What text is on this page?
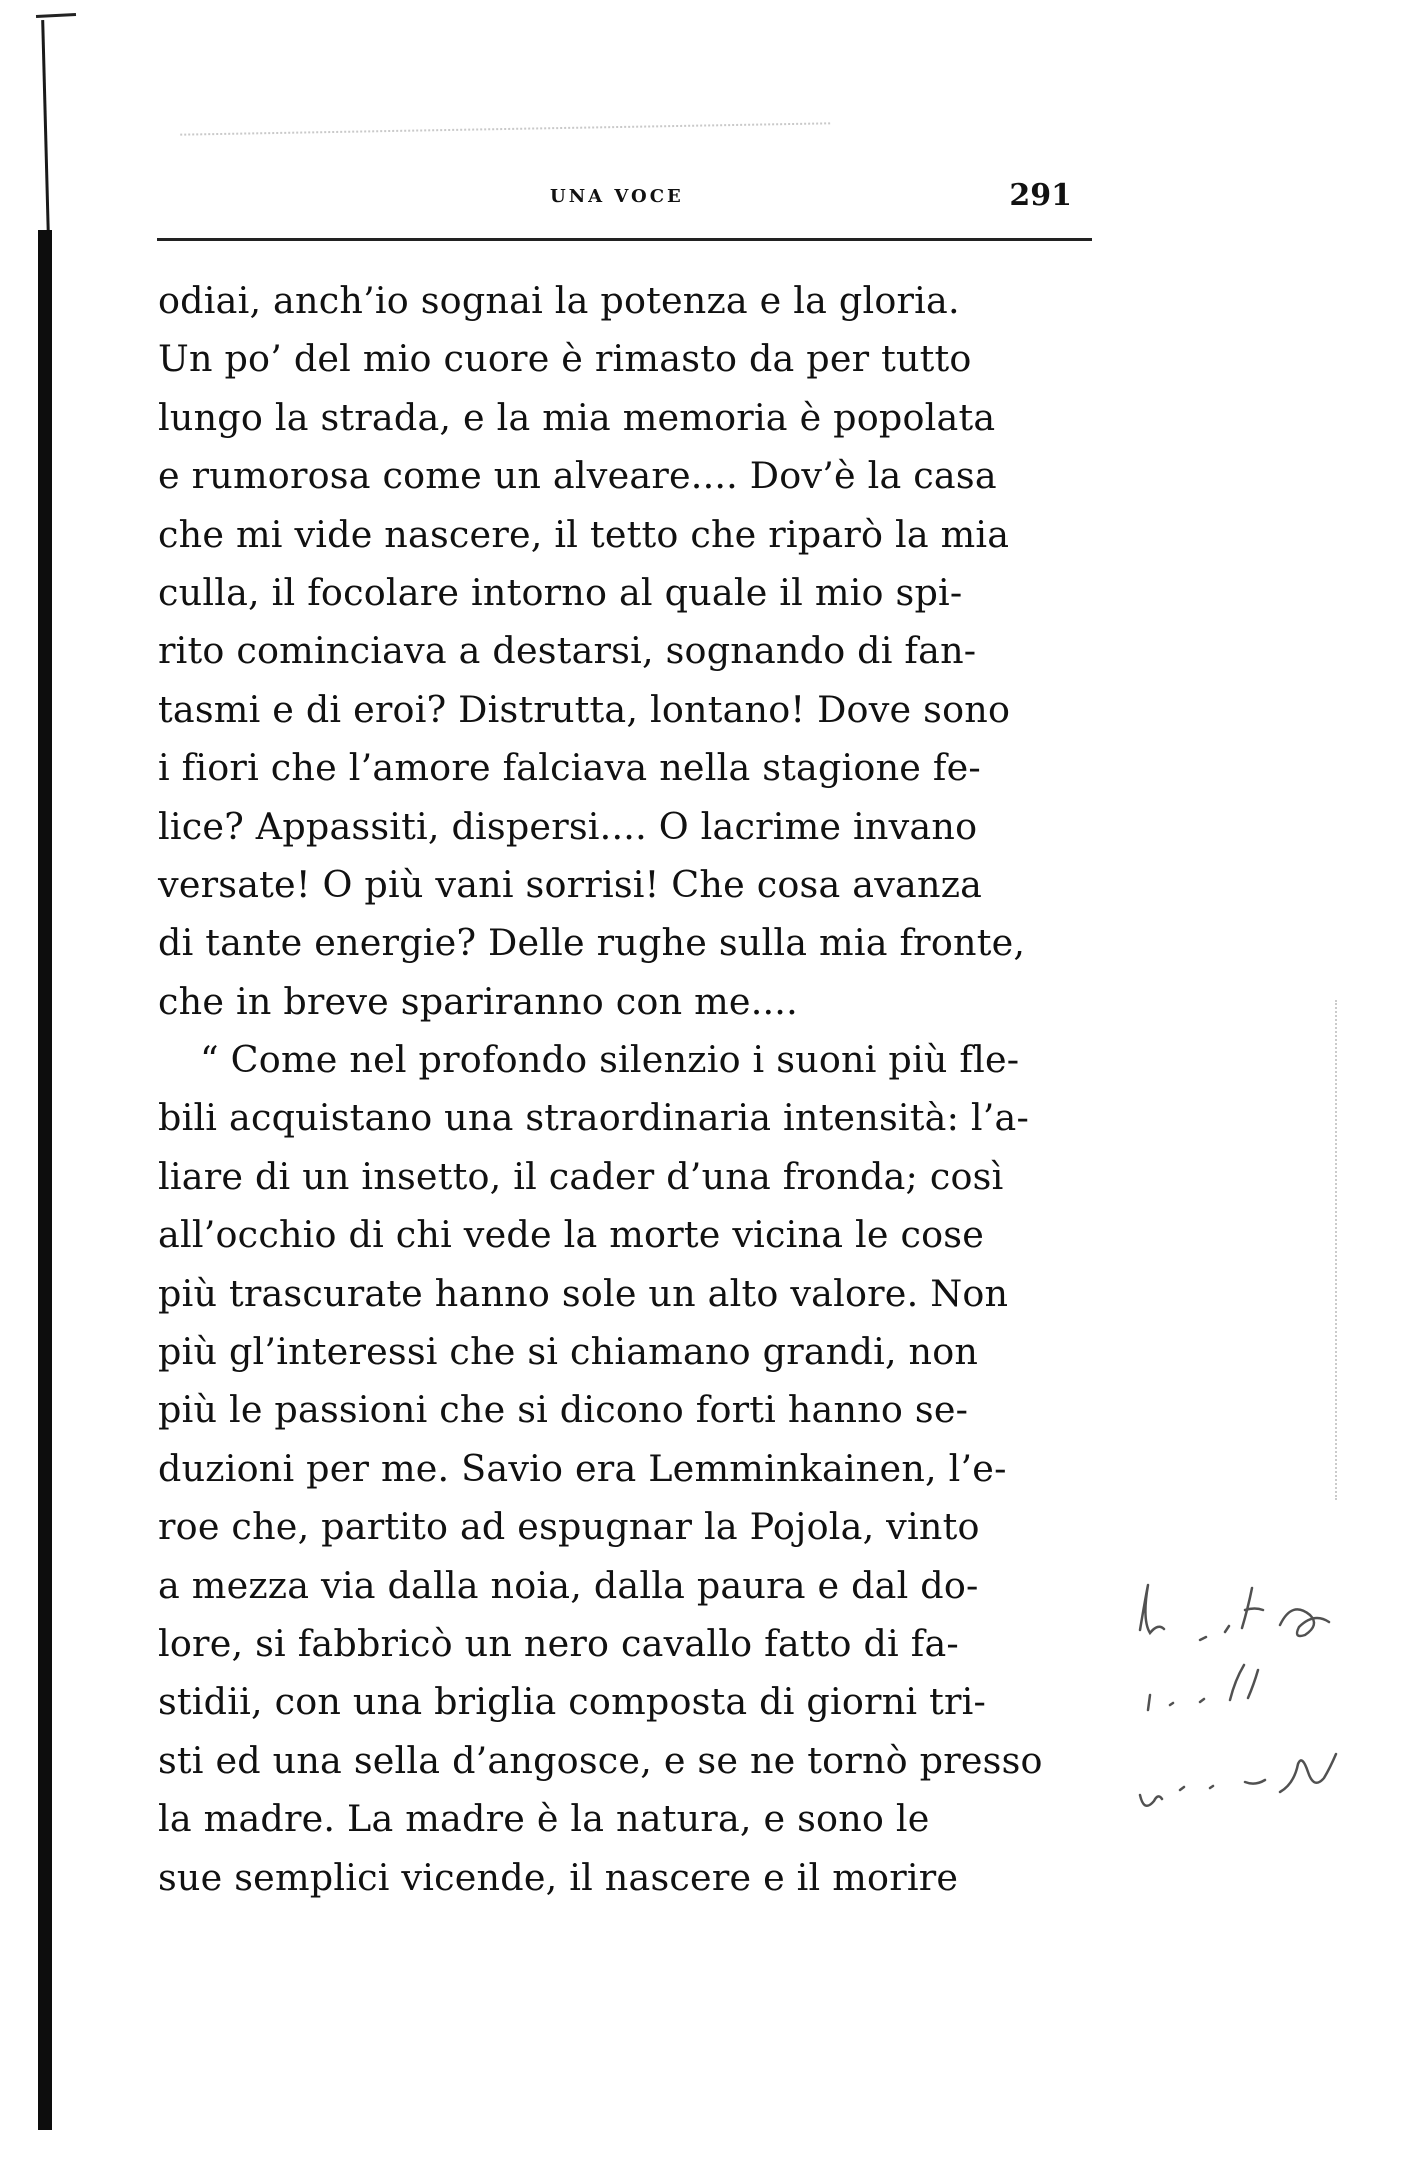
UNA VOCE	291
odiai, anch’io sognai la potenza e la gloria.
Un po’ del mio cuore è rimasto da per tutto
lungo la strada, e la mia memoria è popolata
e rumorosa come un alveare.... Dov’è la casa
che mi vide nascere, il tetto che riparò la mia
culla, il focolare intorno al quale il mio spi-
rito cominciava a destarsi, sognando di fan-
tasmi e di eroi? Distrutta, lontano! Dove sono
i fiori che l’amore falciava nella stagione fe-
lice? Appassiti, dispersi.... O lacrime invano
versate! O più vani sorrisi! Che cosa avanza
di tante energie? Delle rughe sulla mia fronte,
che in breve spariranno con me....
“ Come nel profondo silenzio i suoni più fle-
bili acquistano una straordinaria intensità: l’a-
liare di un insetto, il cader d’una fronda; così
all’occhio di chi vede la morte vicina le cose
più trascurate hanno sole un alto valore. Non
più gl’interessi che si chiamano grandi, non
più le passioni che si dicono forti hanno se-
duzioni per me. Savio era Lemminkainen, l’e-
roe che, partito ad espugnar la Pojola, vinto
a mezza via dalla noia, dalla paura e dal do-
lore, si fabbricò un nero cavallo fatto di fa-
stidii, con una briglia composta di giorni tri-
sti ed una sella d’angosce, e se ne tornò presso
la madre. La madre è la natura, e sono le
sue semplici vicende, il nascere e il morire
